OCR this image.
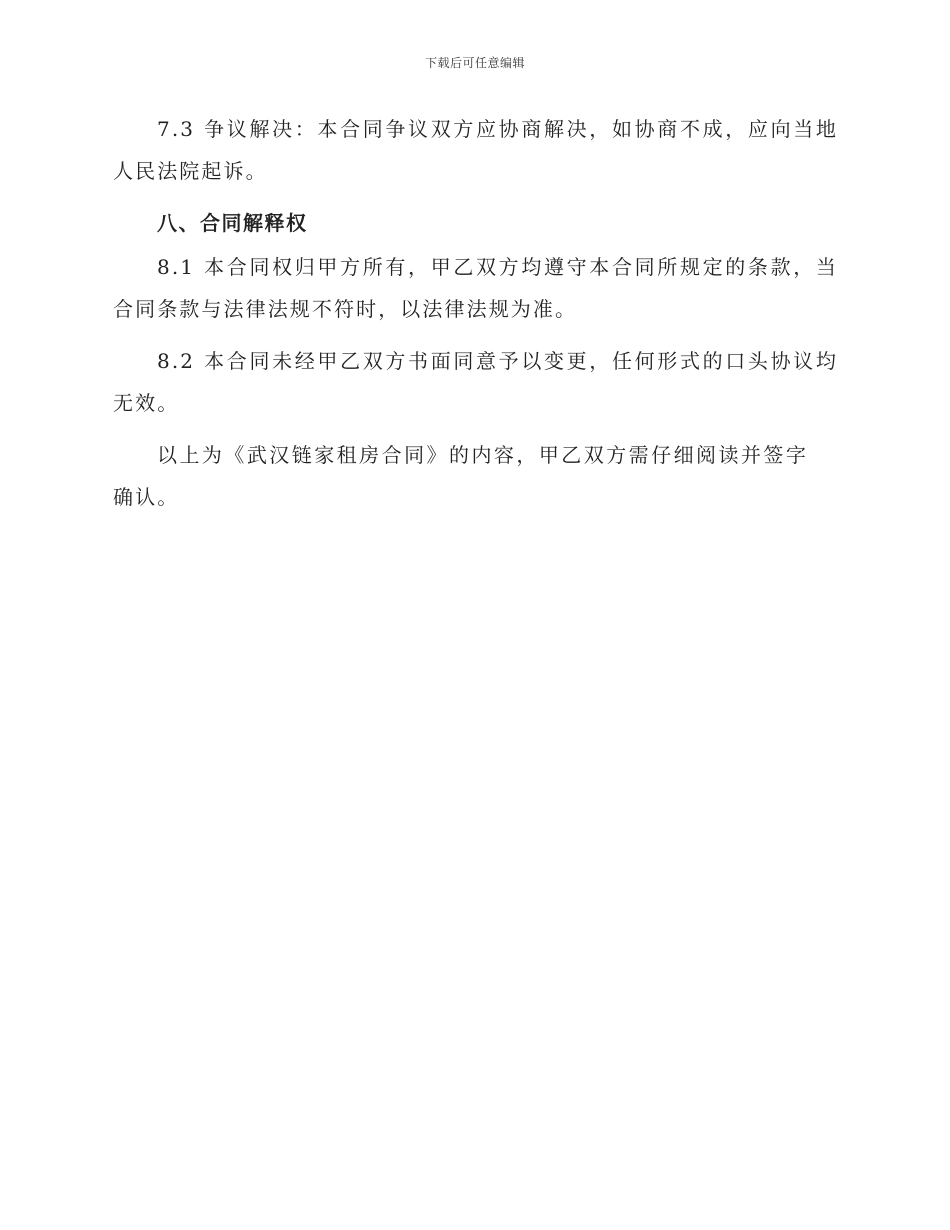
下载后可任意编辑

7.3 争议解决：本合同争议双方应协商解决，如协商不成，应向当地人民法院起诉。

八、合同解释权

8.1 本合同权归甲方所有，甲乙双方均遵守本合同所规定的条款，当合同条款与法律法规不符时，以法律法规为准。

8.2 本合同未经甲乙双方书面同意予以变更，任何形式的口头协议均无效。

以上为《武汉链家租房合同》的内容，甲乙双方需仔细阅读并签字确认。
